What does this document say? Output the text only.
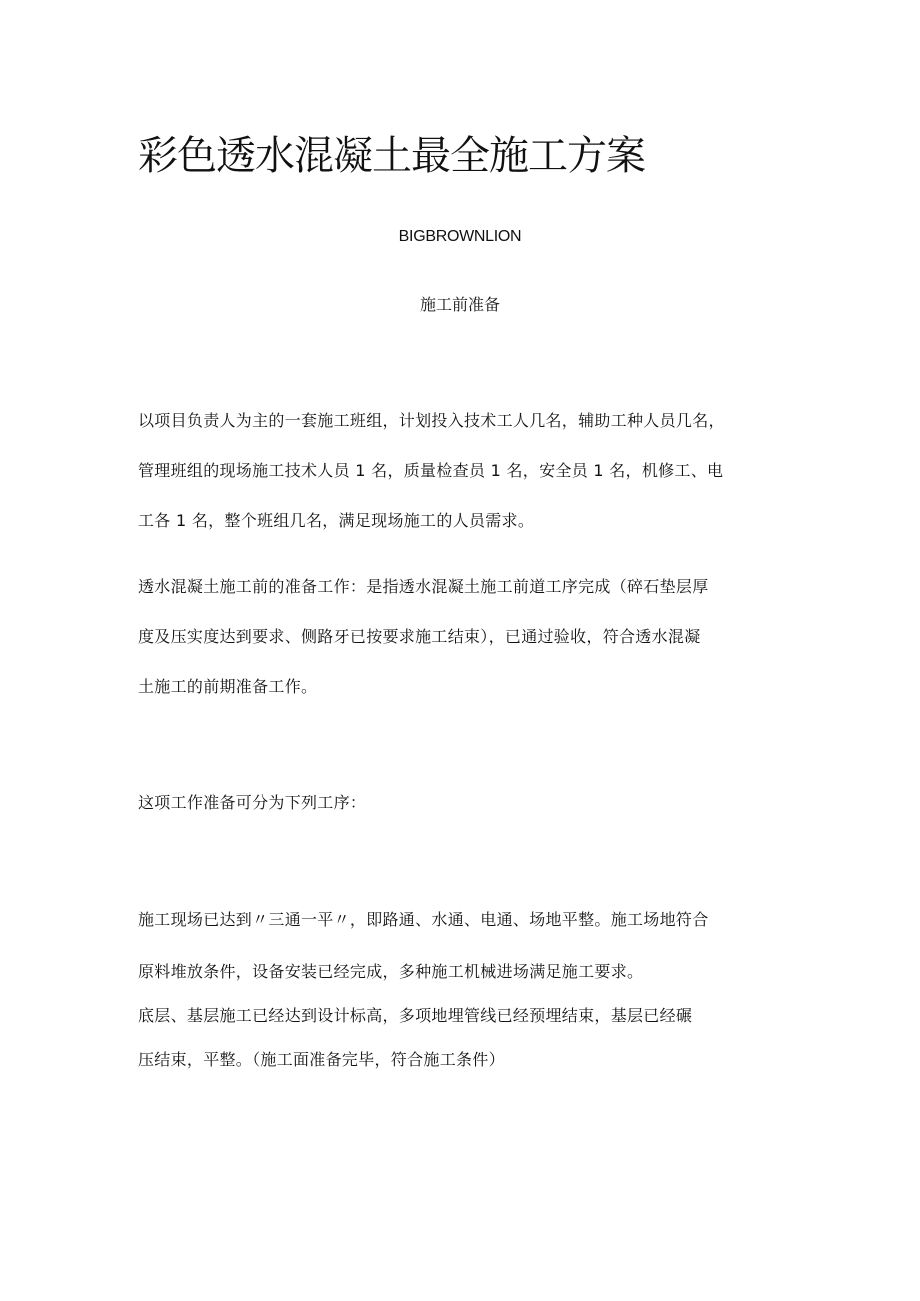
彩色透水混凝土最全施工方案

BIGBROWNLION

施工前准备

以项目负责人为主的一套施工班组，计划投入技术工人几名，辅助工种人员几名，
管理班组的现场施工技术人员 1 名，质量检查员 1 名，安全员 1 名，机修工、电
工各 1 名，整个班组几名，满足现场施工的人员需求。

透水混凝土施工前的准备工作：是指透水混凝土施工前道工序完成（碎石垫层厚
度及压实度达到要求、侧路牙已按要求施工结束），已通过验收，符合透水混凝
土施工的前期准备工作。

这项工作准备可分为下列工序：

施工现场已达到〃三通一平〃，即路通、水通、电通、场地平整。施工场地符合
原料堆放条件，设备安装已经完成，多种施工机械进场满足施工要求。

底层、基层施工已经达到设计标高，多项地埋管线已经预埋结束，基层已经碾
压结束，平整。（施工面准备完毕，符合施工条件）
